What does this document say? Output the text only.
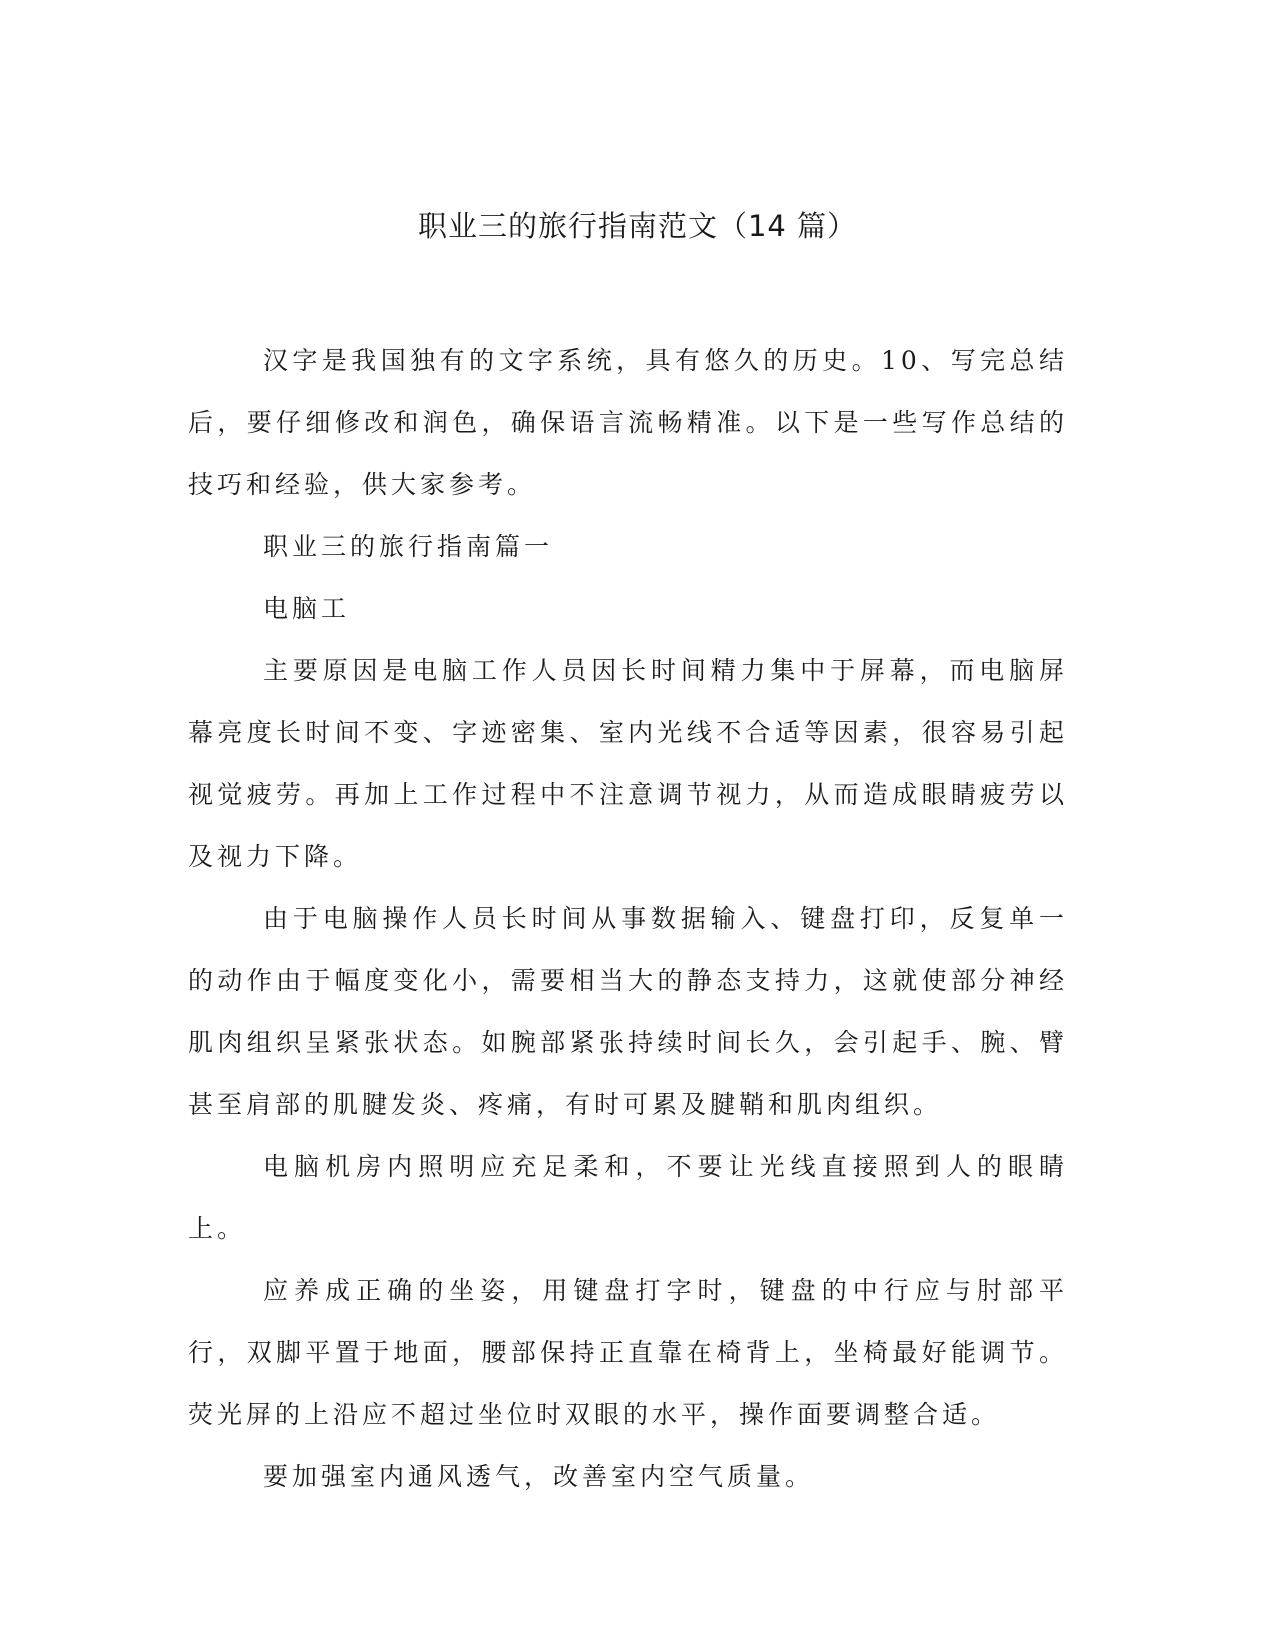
职业三的旅行指南范文（14 篇）

汉字是我国独有的文字系统，具有悠久的历史。10、写完总结后，要仔细修改和润色，确保语言流畅精准。以下是一些写作总结的技巧和经验，供大家参考。

职业三的旅行指南篇一

电脑工

主要原因是电脑工作人员因长时间精力集中于屏幕，而电脑屏幕亮度长时间不变、字迹密集、室内光线不合适等因素，很容易引起视觉疲劳。再加上工作过程中不注意调节视力，从而造成眼睛疲劳以及视力下降。

由于电脑操作人员长时间从事数据输入、键盘打印，反复单一的动作由于幅度变化小，需要相当大的静态支持力，这就使部分神经肌肉组织呈紧张状态。如腕部紧张持续时间长久，会引起手、腕、臂甚至肩部的肌腱发炎、疼痛，有时可累及腱鞘和肌肉组织。

电脑机房内照明应充足柔和，不要让光线直接照到人的眼睛上。

应养成正确的坐姿，用键盘打字时，键盘的中行应与肘部平行，双脚平置于地面，腰部保持正直靠在椅背上，坐椅最好能调节。荧光屏的上沿应不超过坐位时双眼的水平，操作面要调整合适。

要加强室内通风透气，改善室内空气质量。
